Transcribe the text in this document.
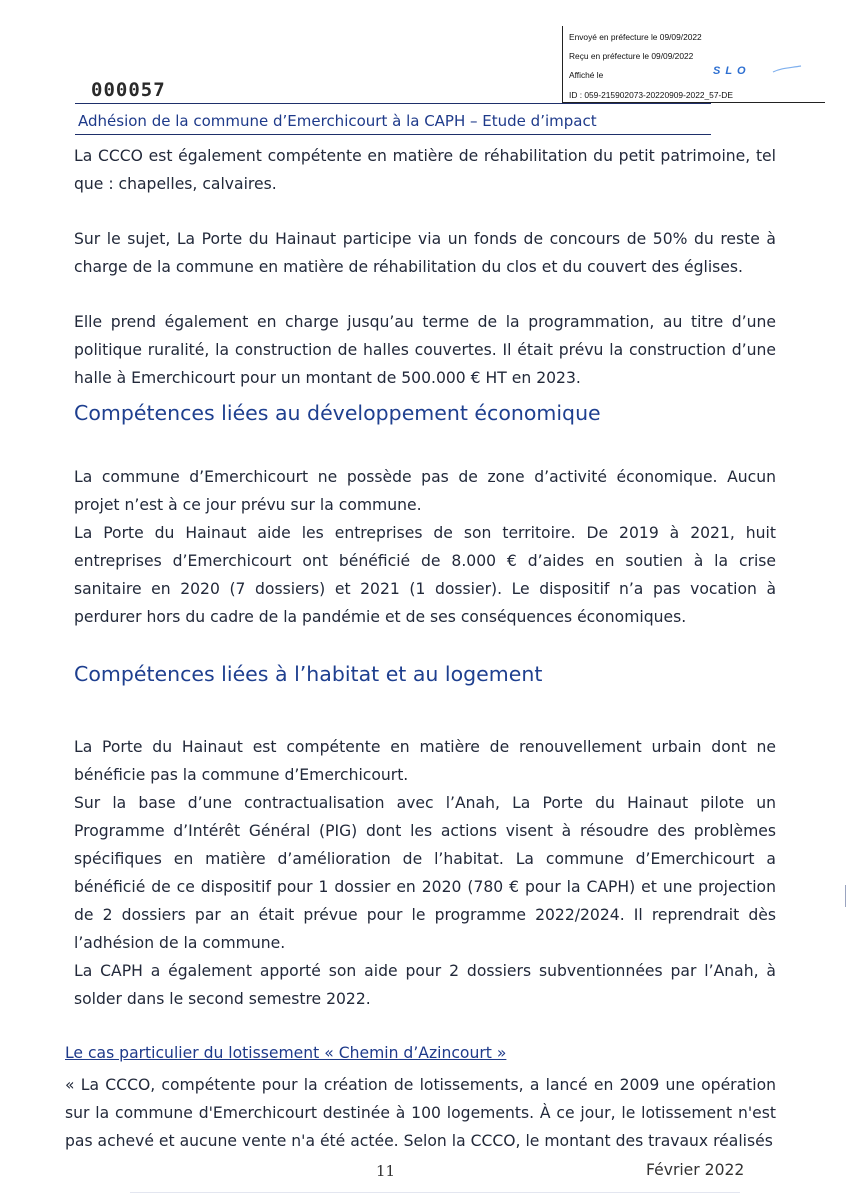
Envoyé en préfecture le 09/09/2022
Reçu en préfecture le 09/09/2022
Affiché le	SLO
ID : 059-215902073-20220909-2022_57-DE
000057
Adhésion de la commune d’Emerchicourt à la CAPH – Etude d’impact
La CCCO est également compétente en matière de réhabilitation du petit patrimoine, tel que : chapelles, calvaires.
Sur le sujet, La Porte du Hainaut participe via un fonds de concours de 50% du reste à charge de la commune en matière de réhabilitation du clos et du couvert des églises.
Elle prend également en charge jusqu’au terme de la programmation, au titre d’une politique ruralité, la construction de halles couvertes. Il était prévu la construction d’une halle à Emerchicourt pour un montant de 500.000 € HT en 2023.
Compétences liées au développement économique
La commune d’Emerchicourt ne possède pas de zone d’activité économique. Aucun projet n’est à ce jour prévu sur la commune.
La Porte du Hainaut aide les entreprises de son territoire. De 2019 à 2021, huit entreprises d’Emerchicourt ont bénéficié de 8.000 € d’aides en soutien à la crise sanitaire en 2020 (7 dossiers) et 2021 (1 dossier). Le dispositif n’a pas vocation à perdurer hors du cadre de la pandémie et de ses conséquences économiques.
Compétences liées à l’habitat et au logement
La Porte du Hainaut est compétente en matière de renouvellement urbain dont ne bénéficie pas la commune d’Emerchicourt.
Sur la base d’une contractualisation avec l’Anah, La Porte du Hainaut pilote un Programme d’Intérêt Général (PIG) dont les actions visent à résoudre des problèmes spécifiques en matière d’amélioration de l’habitat. La commune d’Emerchicourt a bénéficié de ce dispositif pour 1 dossier en 2020 (780 € pour la CAPH) et une projection de 2 dossiers par an était prévue pour le programme 2022/2024. Il reprendrait dès l’adhésion de la commune.
La CAPH a également apporté son aide pour 2 dossiers subventionnées par l’Anah, à solder dans le second semestre 2022.
Le cas particulier du lotissement « Chemin d’Azincourt »
« La CCCO, compétente pour la création de lotissements, a lancé en 2009 une opération sur la commune d'Emerchicourt destinée à 100 logements. À ce jour, le lotissement n'est pas achevé et aucune vente n'a été actée. Selon la CCCO, le montant des travaux réalisés
11	Février 2022
